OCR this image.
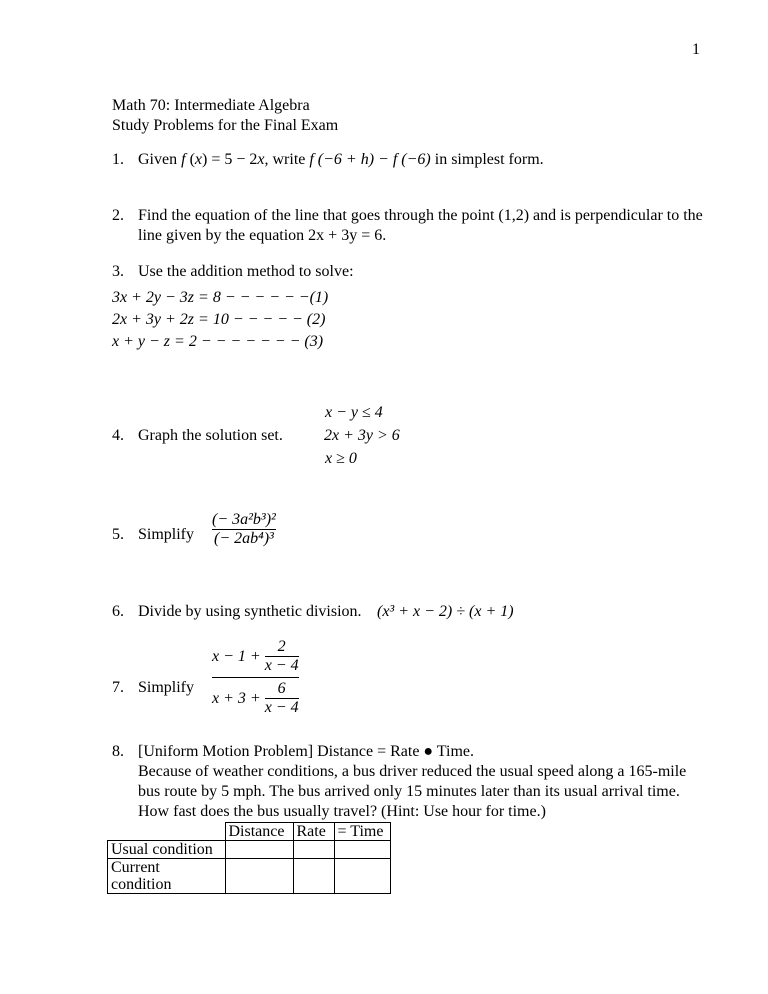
1
Math 70: Intermediate Algebra
Study Problems for the Final Exam
1. Given f (x) = 5 − 2x, write f (−6 + h) − f (−6) in simplest form.
2. Find the equation of the line that goes through the point (1,2) and is perpendicular to the line given by the equation 2x + 3y = 6.
3. Use the addition method to solve:
3x + 2y − 3z = 8 − − − − − −(1)
2x + 3y + 2z = 10 − − − − − (2)
x + y − z = 2 − − − − − − − (3)
x − y ≤ 4
4. Graph the solution set.	2x + 3y > 6
x ≥ 0
5. Simplify $\frac{\text{(− 3a²b³)²}}{\text{(− 2ab⁴)³}}$
6. Divide by using synthetic division. (x³ + x − 2) ÷ (x + 1)
7. Simplify
$x - 1 + \frac{2}{x - 4}$
$x + 3 + \frac{6}{x - 4}$
8. [Uniform Motion Problem] Distance = Rate ● Time.
Because of weather conditions, a bus driver reduced the usual speed along a 165-mile bus route by 5 mph. The bus arrived only 15 minutes later than its usual arrival time. How fast does the bus usually travel? (Hint: Use hour for time.)
	Distance	Rate	= Time
Usual condition			
Current condition			
